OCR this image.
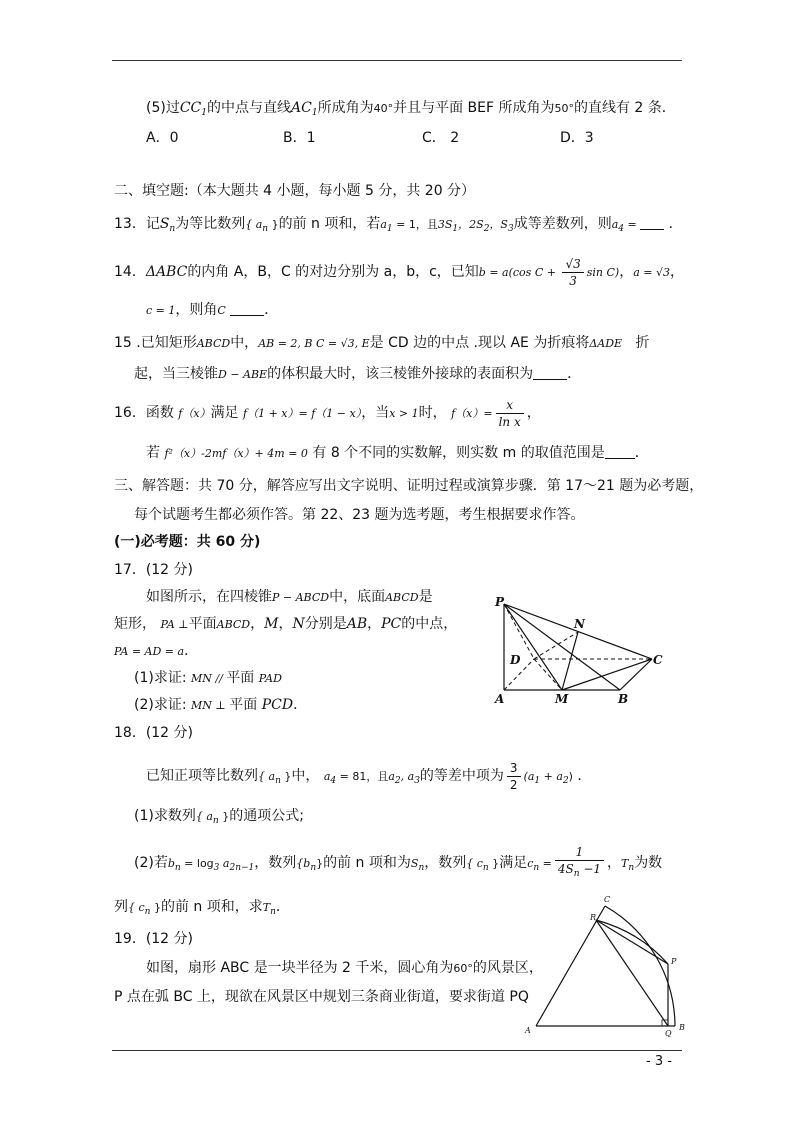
(5)过$CC_1$的中点与直线$AC_1$所成角为40°并且与平面 BEF 所成角为50°的直线有 2 条．
A．0	B．1	C． 2	D．3
二、填空题:（本大题共 4 小题，每小题 5 分，共 20 分）
13．记$S_n$为等比数列{ $a_n$ }的前 n 项和，若$a_1 = 1$，且$3S_1$，$2S_2$，$S_3$成等差数列，则$a_4$ =  ．
14．ΔABC的内角 A，B，C 的对边分别为 a，b，c，已知b = a(cos $C + \frac{√3}{3}$ sin C)，a = √3，
c = 1，则角C	．
15 .已知矩形ABCD中，AB = 2, B C = √3, E是 CD 边的中点 .现以 AE 为折痕将ΔADE 折
起，当三棱锥D − ABE的体积最大时，该三棱锥外接球的表面积为 ．
16．函数 f（x）满足 f（1 + x）= f（1 − x），当x > 1时， $f(x)= \frac{x}{\text{ln x}}$ ，
若 f²（x）-2mf（x）+ 4m = 0 有 8 个不同的实数解，则实数 m 的取值范围是 ．
三、解答题：共 70 分，解答应写出文字说明、证明过程或演算步骤．第 17～21 题为必考题，
每个试题考生都必须作答。第 22、23 题为选考题，考生根据要求作答。
(一)必考题：共 60 分)
17．(12 分)
如图所示，在四棱锥P − ABCD中，底面ABCD是
矩形， PA ⊥平面ABCD，M，N分别是AB，PC的中点，
PA = AD = a．
(1)求证: MN // 平面 PAD
(2)求证: MN ⊥ 平面 PCD．
P
N
D	C
A	M	B
18．(12 分)
已知正项等比数列{ $a_n$ }中， $a_4 = 81$，且$a_2$, $a_3$的等差中项为 $\frac{3}{2} (a_1 + a_2)$ ．
(1)求数列{ $a_n$ }的通项公式;
(2)若$b_n = \log_3 a_{2n-1}$，数列$\{b_n\}$的前 n 项和为$S_n$，数列{ $c_n$ }满足$c_n = \frac{1}{4S_n -1}$ ，$T_n$为数
列{ $c_n$ }的前 n 项和，求$T_n$．
19．(12 分)
如图，扇形 ABC 是一块半径为 2 千米，圆心角为60°的风景区，
P 点在弧 BC 上，现欲在风景区中规划三条商业街道，要求街道 PQ
C
R
P
A	Q
B
- 3 -
